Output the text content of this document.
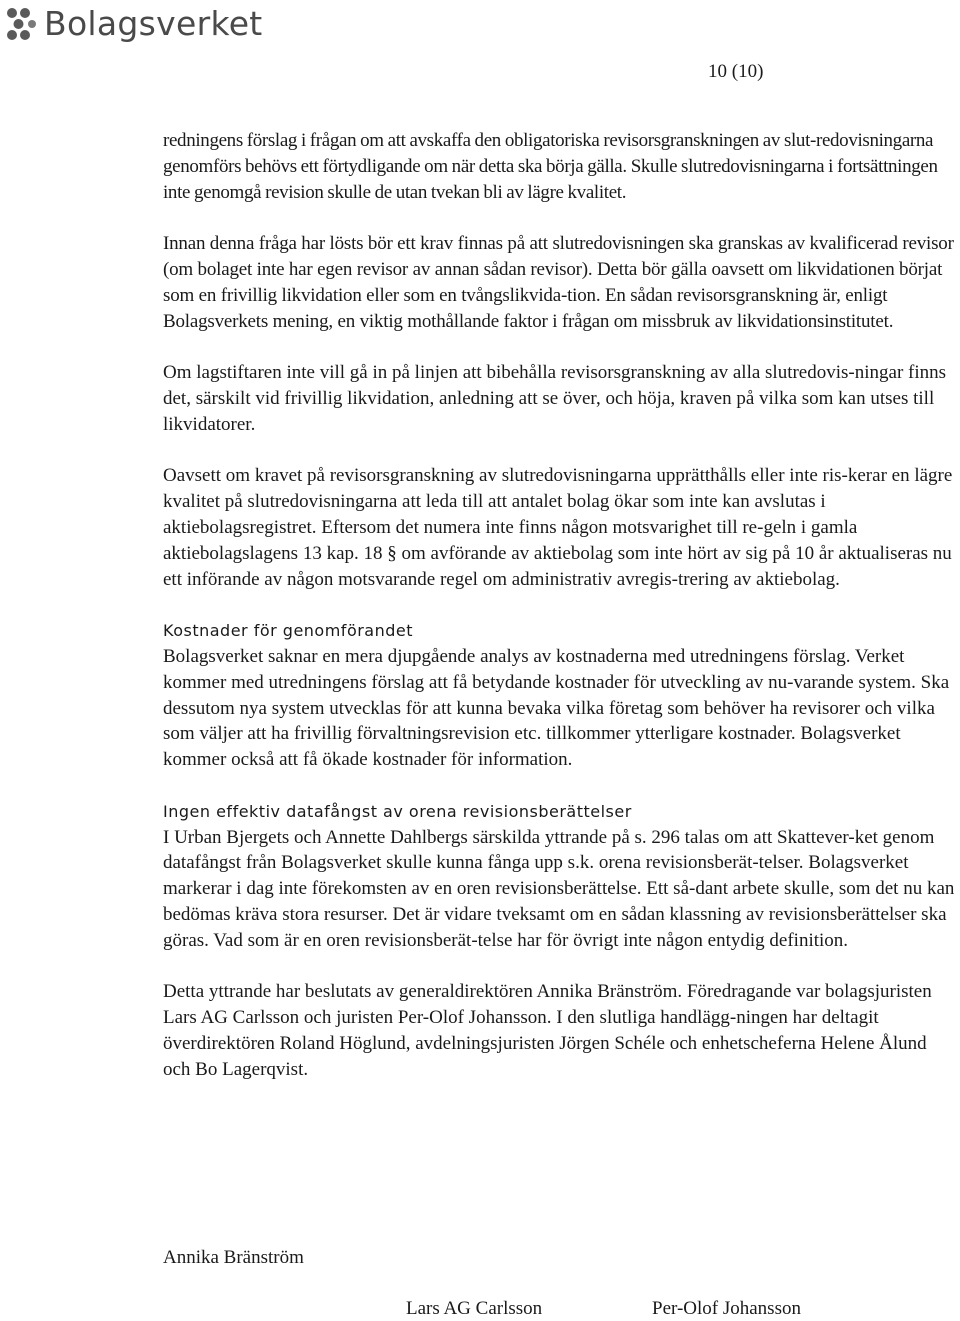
Bolagsverket
10 (10)

redningens förslag i frågan om att avskaffa den obligatoriska revisorsgranskningen av slut-redovisningarna genomförs behövs ett förtydligande om när detta ska börja gälla. Skulle slutredovisningarna i fortsättningen inte genomgå revision skulle de utan tvekan bli av lägre kvalitet.

Innan denna fråga har lösts bör ett krav finnas på att slutredovisningen ska granskas av kvalificerad revisor (om bolaget inte har egen revisor av annan sådan revisor). Detta bör gälla oavsett om likvidationen börjat som en frivillig likvidation eller som en tvångslikvida-tion. En sådan revisorsgranskning är, enligt Bolagsverkets mening, en viktig mothållande faktor i frågan om missbruk av likvidationsinstitutet.

Om lagstiftaren inte vill gå in på linjen att bibehålla revisorsgranskning av alla slutredovis-ningar finns det, särskilt vid frivillig likvidation, anledning att se över, och höja, kraven på vilka som kan utses till likvidatorer.

Oavsett om kravet på revisorsgranskning av slutredovisningarna upprätthålls eller inte ris-kerar en lägre kvalitet på slutredovisningarna att leda till att antalet bolag ökar som inte kan avslutas i aktiebolagsregistret. Eftersom det numera inte finns någon motsvarighet till re-geln i gamla aktiebolagslagens 13 kap. 18 § om avförande av aktiebolag som inte hört av sig på 10 år aktualiseras nu ett införande av någon motsvarande regel om administrativ avregis-trering av aktiebolag.

Kostnader för genomförandet

Bolagsverket saknar en mera djupgående analys av kostnaderna med utredningens förslag. Verket kommer med utredningens förslag att få betydande kostnader för utveckling av nu-varande system. Ska dessutom nya system utvecklas för att kunna bevaka vilka företag som behöver ha revisorer och vilka som väljer att ha frivillig förvaltningsrevision etc. tillkommer ytterligare kostnader. Bolagsverket kommer också att få ökade kostnader för information.

Ingen effektiv datafångst av orena revisionsberättelser

I Urban Bjergets och Annette Dahlbergs särskilda yttrande på s. 296 talas om att Skattever-ket genom datafångst från Bolagsverket skulle kunna fånga upp s.k. orena revisionsberät-telser. Bolagsverket markerar i dag inte förekomsten av en oren revisionsberättelse. Ett så-dant arbete skulle, som det nu kan bedömas kräva stora resurser. Det är vidare tveksamt om en sådan klassning av revisionsberättelser ska göras. Vad som är en oren revisionsberät-telse har för övrigt inte någon entydig definition.

Detta yttrande har beslutats av generaldirektören Annika Bränström. Föredragande var bolagsjuristen Lars AG Carlsson och juristen Per-Olof Johansson. I den slutliga handlägg-ningen har deltagit överdirektören Roland Höglund, avdelningsjuristen Jörgen Schéle och enhetscheferna Helene Ålund och Bo Lagerqvist.

Annika Bränström
Lars AG Carlsson	Per-Olof Johansson
